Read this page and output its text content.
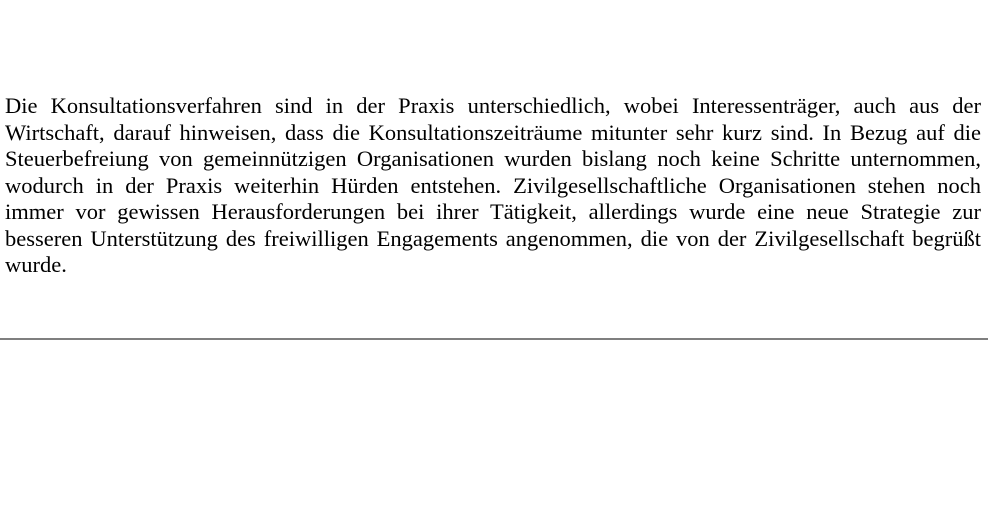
Die Konsultationsverfahren sind in der Praxis unterschiedlich, wobei Interessenträger, auch aus der Wirtschaft, darauf hinweisen, dass die Konsultationszeiträume mitunter sehr kurz sind. In Bezug auf die Steuerbefreiung von gemeinnützigen Organisationen wurden bislang noch keine Schritte unternommen, wodurch in der Praxis weiterhin Hürden entstehen. Zivilgesellschaftliche Organisationen stehen noch immer vor gewissen Herausforderungen bei ihrer Tätigkeit, allerdings wurde eine neue Strategie zur besseren Unterstützung des freiwilligen Engagements angenommen, die von der Zivilgesellschaft begrüßt wurde.
